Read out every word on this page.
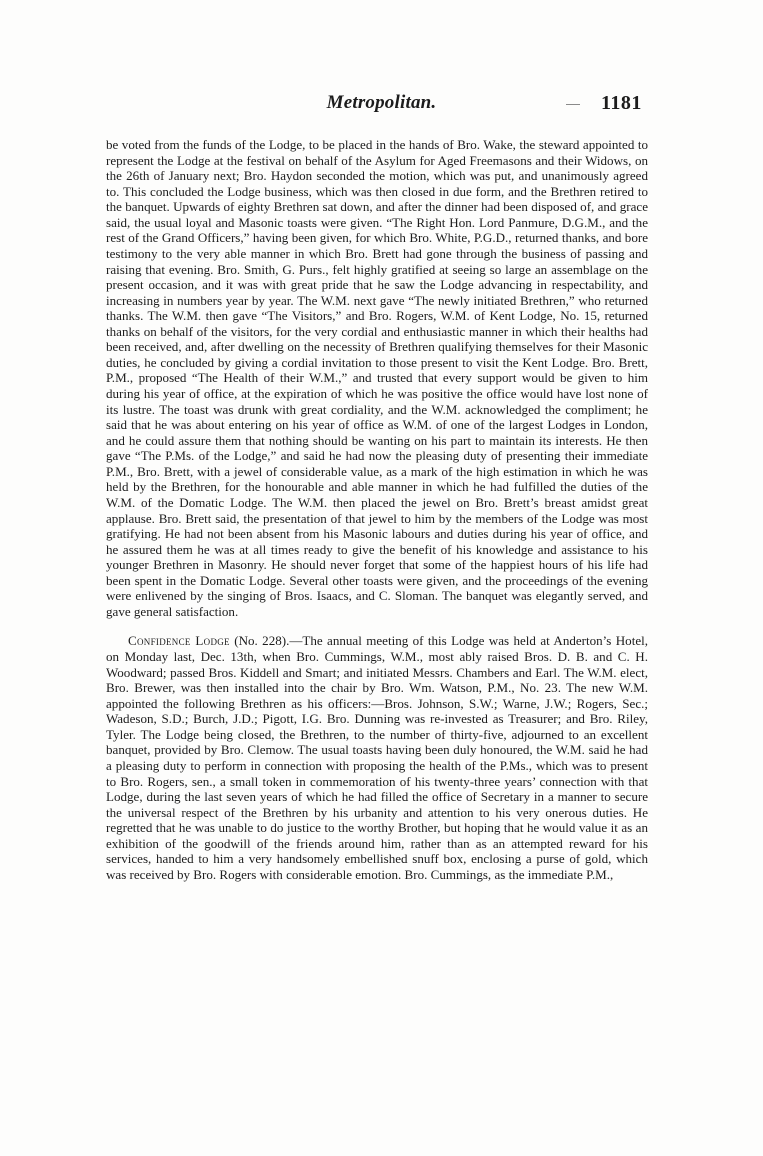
Metropolitan.	1181

be voted from the funds of the Lodge, to be placed in the hands of Bro. Wake, the steward appointed to represent the Lodge at the festival on behalf of the Asylum for Aged Freemasons and their Widows, on the 26th of January next; Bro. Haydon seconded the motion, which was put, and unanimously agreed to. This concluded the Lodge business, which was then closed in due form, and the Brethren retired to the banquet. Upwards of eighty Brethren sat down, and after the dinner had been disposed of, and grace said, the usual loyal and Masonic toasts were given. “The Right Hon. Lord Panmure, D.G.M., and the rest of the Grand Officers,” having been given, for which Bro. White, P.G.D., returned thanks, and bore testimony to the very able manner in which Bro. Brett had gone through the business of passing and raising that evening. Bro. Smith, G. Purs., felt highly gratified at seeing so large an assemblage on the present occasion, and it was with great pride that he saw the Lodge advancing in respectability, and increasing in numbers year by year. The W.M. next gave “The newly initiated Brethren,” who returned thanks. The W.M. then gave “The Visitors,” and Bro. Rogers, W.M. of Kent Lodge, No. 15, returned thanks on behalf of the visitors, for the very cordial and enthusiastic manner in which their healths had been received, and, after dwelling on the necessity of Brethren qualifying themselves for their Masonic duties, he concluded by giving a cordial invitation to those present to visit the Kent Lodge. Bro. Brett, P.M., proposed “The Health of their W.M.,” and trusted that every support would be given to him during his year of office, at the expiration of which he was positive the office would have lost none of its lustre. The toast was drunk with great cordiality, and the W.M. acknowledged the compliment; he said that he was about entering on his year of office as W.M. of one of the largest Lodges in London, and he could assure them that nothing should be wanting on his part to maintain its interests. He then gave “The P.Ms. of the Lodge,” and said he had now the pleasing duty of presenting their immediate P.M., Bro. Brett, with a jewel of considerable value, as a mark of the high estimation in which he was held by the Brethren, for the honourable and able manner in which he had fulfilled the duties of the W.M. of the Domatic Lodge. The W.M. then placed the jewel on Bro. Brett’s breast amidst great applause. Bro. Brett said, the presentation of that jewel to him by the members of the Lodge was most gratifying. He had not been absent from his Masonic labours and duties during his year of office, and he assured them he was at all times ready to give the benefit of his knowledge and assistance to his younger Brethren in Masonry. He should never forget that some of the happiest hours of his life had been spent in the Domatic Lodge. Several other toasts were given, and the proceedings of the evening were enlivened by the singing of Bros. Isaacs, and C. Sloman. The banquet was elegantly served, and gave general satisfaction.

Confidence Lodge (No. 228).—The annual meeting of this Lodge was held at Anderton’s Hotel, on Monday last, Dec. 13th, when Bro. Cummings, W.M., most ably raised Bros. D. B. and C. H. Woodward; passed Bros. Kiddell and Smart; and initiated Messrs. Chambers and Earl. The W.M. elect, Bro. Brewer, was then installed into the chair by Bro. Wm. Watson, P.M., No. 23. The new W.M. appointed the following Brethren as his officers:—Bros. Johnson, S.W.; Warne, J.W.; Rogers, Sec.; Wadeson, S.D.; Burch, J.D.; Pigott, I.G. Bro. Dunning was re-invested as Treasurer; and Bro. Riley, Tyler. The Lodge being closed, the Brethren, to the number of thirty-five, adjourned to an excellent banquet, provided by Bro. Clemow. The usual toasts having been duly honoured, the W.M. said he had a pleasing duty to perform in connection with proposing the health of the P.Ms., which was to present to Bro. Rogers, sen., a small token in commemoration of his twenty-three years’ connection with that Lodge, during the last seven years of which he had filled the office of Secretary in a manner to secure the universal respect of the Brethren by his urbanity and attention to his very onerous duties. He regretted that he was unable to do justice to the worthy Brother, but hoping that he would value it as an exhibition of the goodwill of the friends around him, rather than as an attempted reward for his services, handed to him a very handsomely embellished snuff box, enclosing a purse of gold, which was received by Bro. Rogers with considerable emotion. Bro. Cummings, as the immediate P.M.,
